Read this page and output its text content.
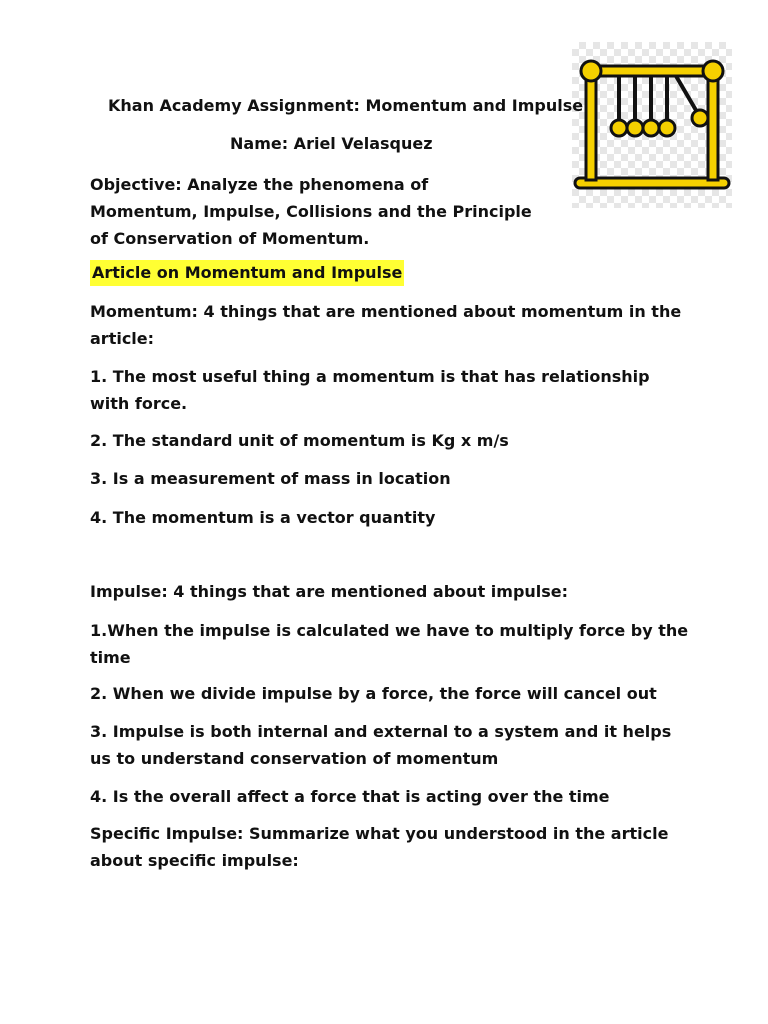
Khan Academy Assignment: Momentum and Impulse
Name: Ariel Velasquez
Objective: Analyze the phenomena of Momentum, Impulse, Collisions and the Principle of Conservation of Momentum.
Article on Momentum and Impulse
Momentum: 4 things that are mentioned about momentum in the article:
1. The most useful thing a momentum is that has relationship with force.
2. The standard unit of momentum is Kg x m/s
3. Is a measurement of mass in location
4. The momentum is a vector quantity
Impulse: 4 things that are mentioned about impulse:
1.When the impulse is calculated we have to multiply force by the time
2. When we divide impulse by a force, the force will cancel out
3. Impulse is both internal and external to a system and it helps us to understand conservation of momentum
4. Is the overall affect a force that is acting over the time
Specific Impulse: Summarize what you understood in the article about specific impulse:
